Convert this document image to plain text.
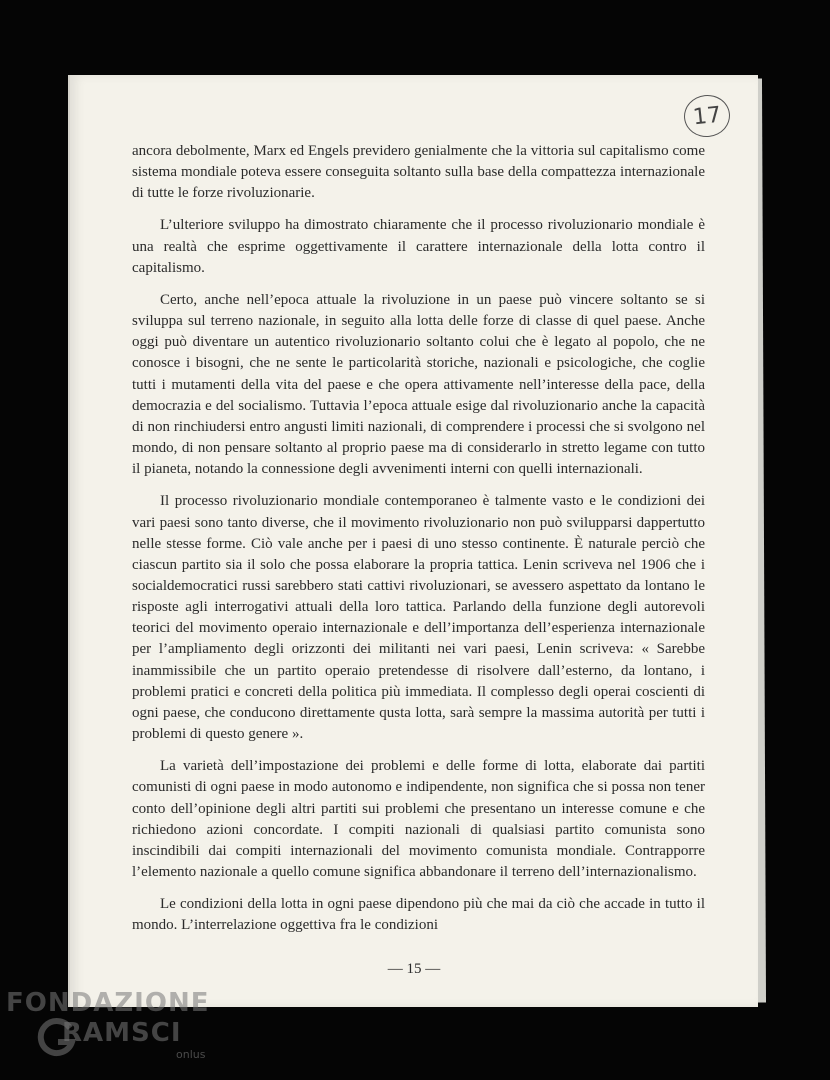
17

ancora debolmente, Marx ed Engels previdero genialmente che la vittoria sul capitalismo come sistema mondiale poteva essere conseguita soltanto sulla base della compattezza internazionale di tutte le forze rivoluzionarie.

L’ulteriore sviluppo ha dimostrato chiaramente che il processo rivoluzionario mondiale è una realtà che esprime oggettivamente il carattere internazionale della lotta contro il capitalismo.

Certo, anche nell’epoca attuale la rivoluzione in un paese può vincere soltanto se si sviluppa sul terreno nazionale, in seguito alla lotta delle forze di classe di quel paese. Anche oggi può diventare un autentico rivoluzionario soltanto colui che è legato al popolo, che ne conosce i bisogni, che ne sente le particolarità storiche, nazionali e psicologiche, che coglie tutti i mutamenti della vita del paese e che opera attivamente nell’interesse della pace, della democrazia e del socialismo. Tuttavia l’epoca attuale esige dal rivoluzionario anche la capacità di non rinchiudersi entro angusti limiti nazionali, di comprendere i processi che si svolgono nel mondo, di non pensare soltanto al proprio paese ma di considerarlo in stretto legame con tutto il pianeta, notando la connessione degli avvenimenti interni con quelli internazionali.

Il processo rivoluzionario mondiale contemporaneo è talmente vasto e le condizioni dei vari paesi sono tanto diverse, che il movimento rivoluzionario non può svilupparsi dappertutto nelle stesse forme. Ciò vale anche per i paesi di uno stesso continente. È naturale perciò che ciascun partito sia il solo che possa elaborare la propria tattica. Lenin scriveva nel 1906 che i socialdemocratici russi sarebbero stati cattivi rivoluzionari, se avessero aspettato da lontano le risposte agli interrogativi attuali della loro tattica. Parlando della funzione degli autorevoli teorici del movimento operaio internazionale e dell’importanza dell’esperienza internazionale per l’ampliamento degli orizzonti dei militanti nei vari paesi, Lenin scriveva: « Sarebbe inammissibile che un partito operaio pretendesse di risolvere dall’esterno, da lontano, i problemi pratici e concreti della politica più immediata. Il complesso degli operai coscienti di ogni paese, che conducono direttamente qusta lotta, sarà sempre la massima autorità per tutti i problemi di questo genere ».

La varietà dell’impostazione dei problemi e delle forme di lotta, elaborate dai partiti comunisti di ogni paese in modo autonomo e indipendente, non significa che si possa non tener conto dell’opinione degli altri partiti sui problemi che presentano un interesse comune e che richiedono azioni concordate. I compiti nazionali di qualsiasi partito comunista sono inscindibili dai compiti internazionali del movimento comunista mondiale. Contrapporre l’elemento nazionale a quello comune significa abbandonare il terreno dell’internazionalismo.

Le condizioni della lotta in ogni paese dipendono più che mai da ciò che accade in tutto il mondo. L’interrelazione oggettiva fra le condizioni

— 15 —
FONDAZIONE
RAMSCI
onlus
